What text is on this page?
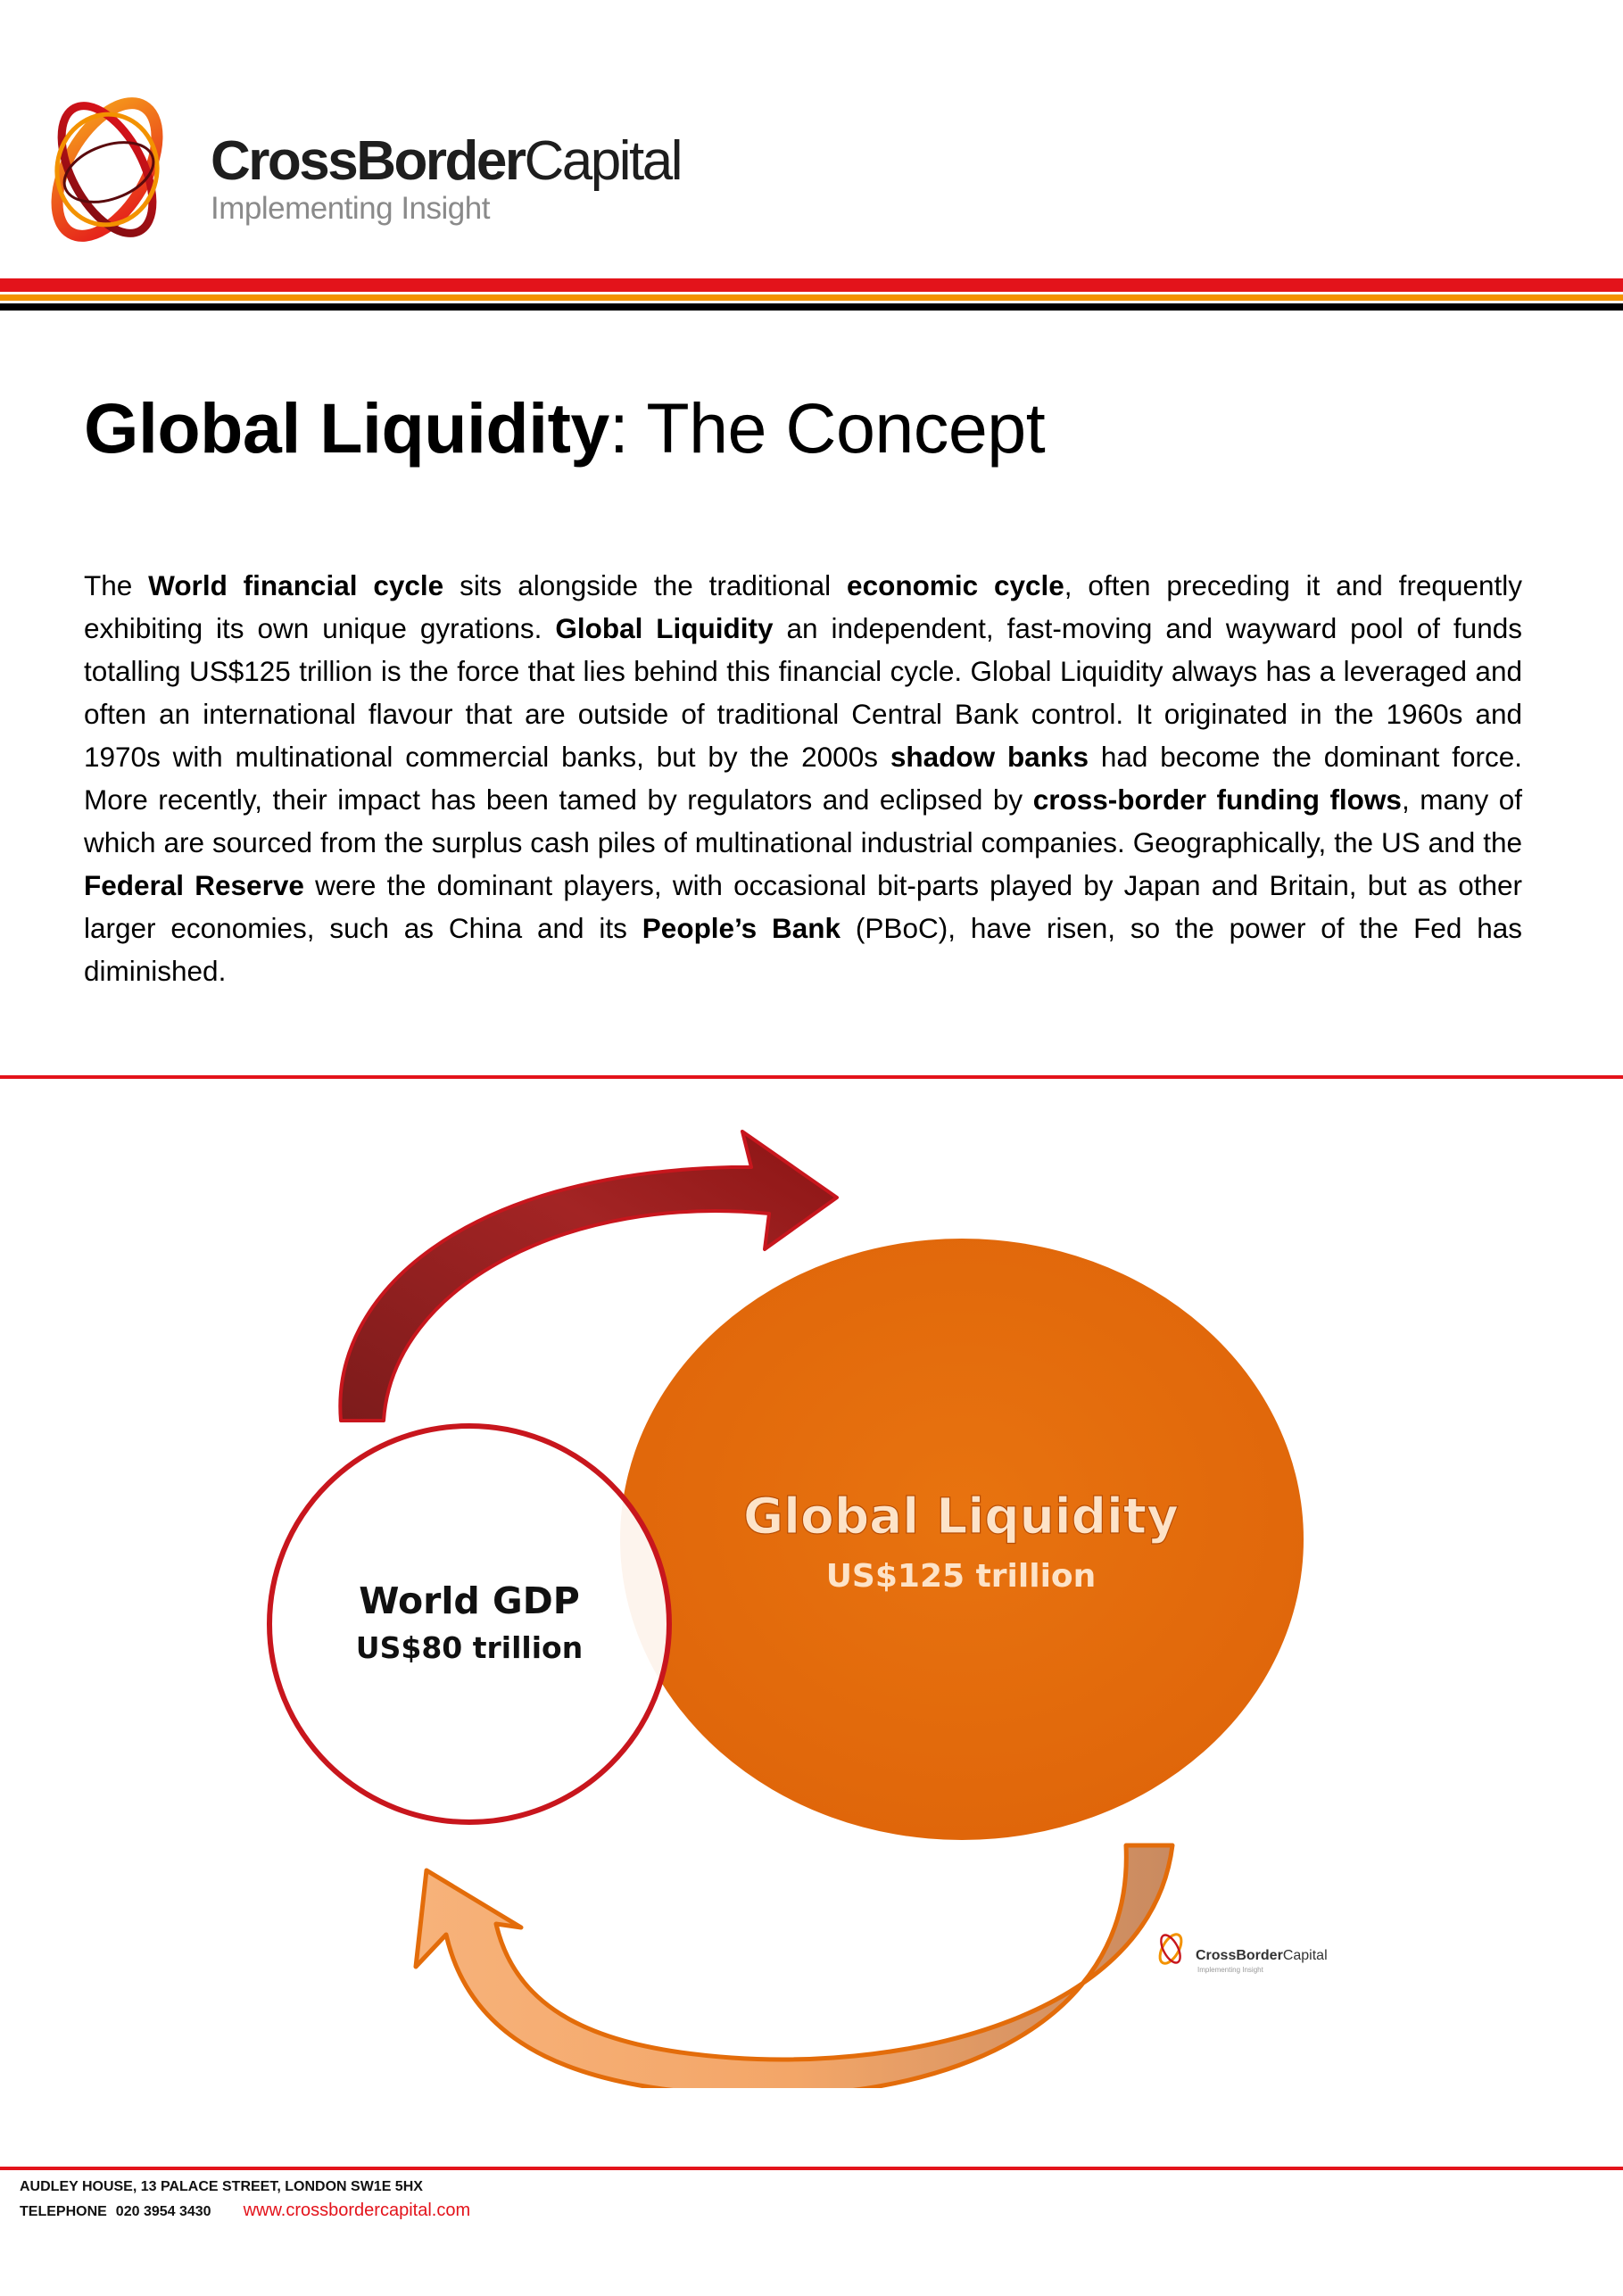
CrossBorderCapital
Implementing Insight
Global Liquidity: The Concept

The World financial cycle sits alongside the traditional economic cycle, often preceding it and frequently exhibiting its own unique gyrations. Global Liquidity an independent, fast-moving and wayward pool of funds totalling US$125 trillion is the force that lies behind this financial cycle. Global Liquidity always has a leveraged and often an international flavour that are outside of traditional Central Bank control. It originated in the 1960s and 1970s with multinational commercial banks, but by the 2000s shadow banks had become the dominant force. More recently, their impact has been tamed by regulators and eclipsed by cross-border funding flows, many of which are sourced from the surplus cash piles of multinational industrial companies. Geographically, the US and the Federal Reserve were the dominant players, with occasional bit-parts played by Japan and Britain, but as other larger economies, such as China and its People’s Bank (PBoC), have risen, so the power of the Fed has diminished.

World GDP
US$80 trillion
Global Liquidity
US$125 trillion
CrossBorderCapital
Implementing Insight
AUDLEY HOUSE, 13 PALACE STREET, LONDON SW1E 5HX
TELEPHONE 020 3954 3430 www.crossbordercapital.com
